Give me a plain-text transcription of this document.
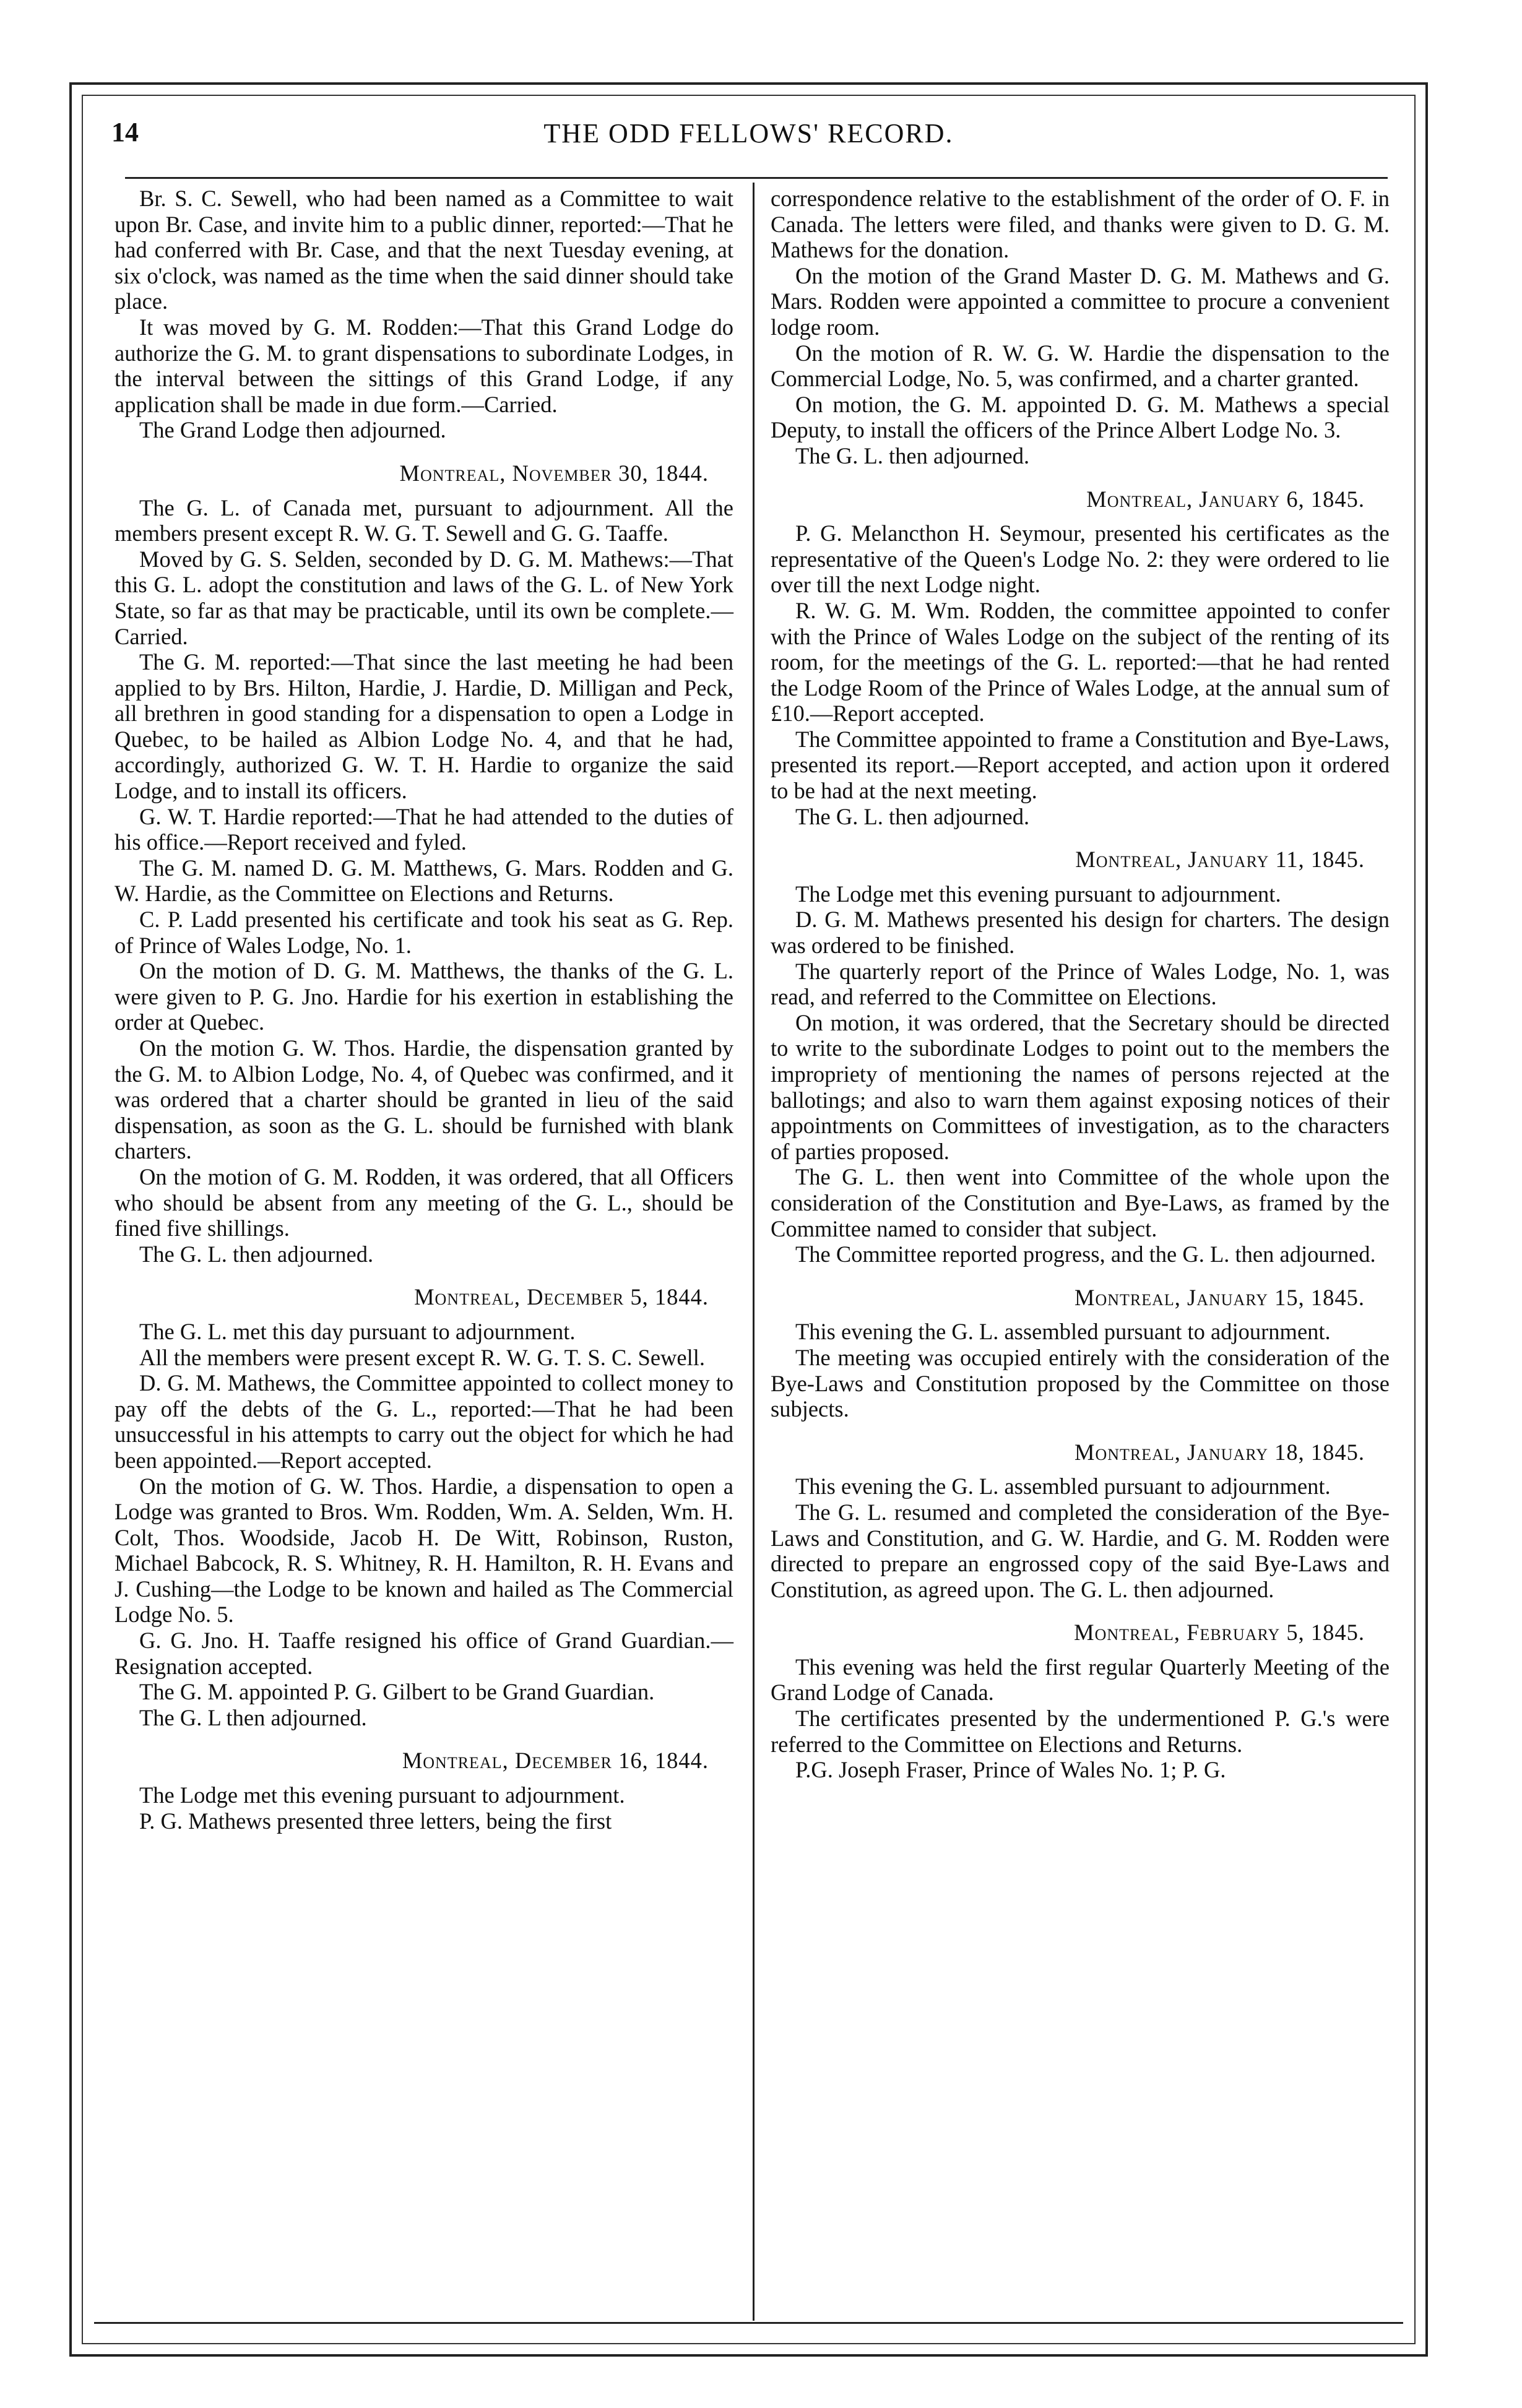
14	THE ODD FELLOWS' RECORD.

Br. S. C. Sewell, who had been named as a Committee to wait upon Br. Case, and invite him to a public dinner, reported:—That he had conferred with Br. Case, and that the next Tuesday evening, at six o'clock, was named as the time when the said dinner should take place.

It was moved by G. M. Rodden:—That this Grand Lodge do authorize the G. M. to grant dispensations to subordinate Lodges, in the interval between the sittings of this Grand Lodge, if any application shall be made in due form.—Carried.

The Grand Lodge then adjourned.

Montreal, November 30, 1844.

The G. L. of Canada met, pursuant to adjournment. All the members present except R. W. G. T. Sewell and G. G. Taaffe.

Moved by G. S. Selden, seconded by D. G. M. Mathews:—That this G. L. adopt the constitution and laws of the G. L. of New York State, so far as that may be practicable, until its own be complete.—Carried.

The G. M. reported:—That since the last meeting he had been applied to by Brs. Hilton, Hardie, J. Hardie, D. Milligan and Peck, all brethren in good standing for a dispensation to open a Lodge in Quebec, to be hailed as Albion Lodge No. 4, and that he had, accordingly, authorized G. W. T. H. Hardie to organize the said Lodge, and to install its officers.

G. W. T. Hardie reported:—That he had attended to the duties of his office.—Report received and fyled.

The G. M. named D. G. M. Matthews, G. Mars. Rodden and G. W. Hardie, as the Committee on Elections and Returns.

C. P. Ladd presented his certificate and took his seat as G. Rep. of Prince of Wales Lodge, No. 1.

On the motion of D. G. M. Matthews, the thanks of the G. L. were given to P. G. Jno. Hardie for his exertion in establishing the order at Quebec.

On the motion G. W. Thos. Hardie, the dispensation granted by the G. M. to Albion Lodge, No. 4, of Quebec was confirmed, and it was ordered that a charter should be granted in lieu of the said dispensation, as soon as the G. L. should be furnished with blank charters.

On the motion of G. M. Rodden, it was ordered, that all Officers who should be absent from any meeting of the G. L., should be fined five shillings.

The G. L. then adjourned.

Montreal, December 5, 1844.

The G. L. met this day pursuant to adjournment.

All the members were present except R. W. G. T. S. C. Sewell.

D. G. M. Mathews, the Committee appointed to collect money to pay off the debts of the G. L., reported:—That he had been unsuccessful in his attempts to carry out the object for which he had been appointed.—Report accepted.

On the motion of G. W. Thos. Hardie, a dispensation to open a Lodge was granted to Bros. Wm. Rodden, Wm. A. Selden, Wm. H. Colt, Thos. Woodside, Jacob H. De Witt, Robinson, Ruston, Michael Babcock, R. S. Whitney, R. H. Hamilton, R. H. Evans and J. Cushing—the Lodge to be known and hailed as The Commercial Lodge No. 5.

G. G. Jno. H. Taaffe resigned his office of Grand Guardian.—Resignation accepted.

The G. M. appointed P. G. Gilbert to be Grand Guardian.

The G. L then adjourned.

Montreal, December 16, 1844.

The Lodge met this evening pursuant to adjournment.

P. G. Mathews presented three letters, being the first

correspondence relative to the establishment of the order of O. F. in Canada. The letters were filed, and thanks were given to D. G. M. Mathews for the donation.

On the motion of the Grand Master D. G. M. Mathews and G. Mars. Rodden were appointed a committee to procure a convenient lodge room.

On the motion of R. W. G. W. Hardie the dispensation to the Commercial Lodge, No. 5, was confirmed, and a charter granted.

On motion, the G. M. appointed D. G. M. Mathews a special Deputy, to install the officers of the Prince Albert Lodge No. 3.

The G. L. then adjourned.

Montreal, January 6, 1845.

P. G. Melancthon H. Seymour, presented his certificates as the representative of the Queen's Lodge No. 2: they were ordered to lie over till the next Lodge night.

R. W. G. M. Wm. Rodden, the committee appointed to confer with the Prince of Wales Lodge on the subject of the renting of its room, for the meetings of the G. L. reported:—that he had rented the Lodge Room of the Prince of Wales Lodge, at the annual sum of £10.—Report accepted.

The Committee appointed to frame a Constitution and Bye-Laws, presented its report.—Report accepted, and action upon it ordered to be had at the next meeting.

The G. L. then adjourned.

Montreal, January 11, 1845.

The Lodge met this evening pursuant to adjournment.

D. G. M. Mathews presented his design for charters. The design was ordered to be finished.

The quarterly report of the Prince of Wales Lodge, No. 1, was read, and referred to the Committee on Elections.

On motion, it was ordered, that the Secretary should be directed to write to the subordinate Lodges to point out to the members the impropriety of mentioning the names of persons rejected at the ballotings; and also to warn them against exposing notices of their appointments on Committees of investigation, as to the characters of parties proposed.

The G. L. then went into Committee of the whole upon the consideration of the Constitution and Bye-Laws, as framed by the Committee named to consider that subject.

The Committee reported progress, and the G. L. then adjourned.

Montreal, January 15, 1845.

This evening the G. L. assembled pursuant to adjournment.

The meeting was occupied entirely with the consideration of the Bye-Laws and Constitution proposed by the Committee on those subjects.

Montreal, January 18, 1845.

This evening the G. L. assembled pursuant to adjournment.

The G. L. resumed and completed the consideration of the Bye-Laws and Constitution, and G. W. Hardie, and G. M. Rodden were directed to prepare an engrossed copy of the said Bye-Laws and Constitution, as agreed upon. The G. L. then adjourned.

Montreal, February 5, 1845.

This evening was held the first regular Quarterly Meeting of the Grand Lodge of Canada.

The certificates presented by the undermentioned P. G.'s were referred to the Committee on Elections and Returns.

P.G. Joseph Fraser, Prince of Wales No. 1; P. G.
